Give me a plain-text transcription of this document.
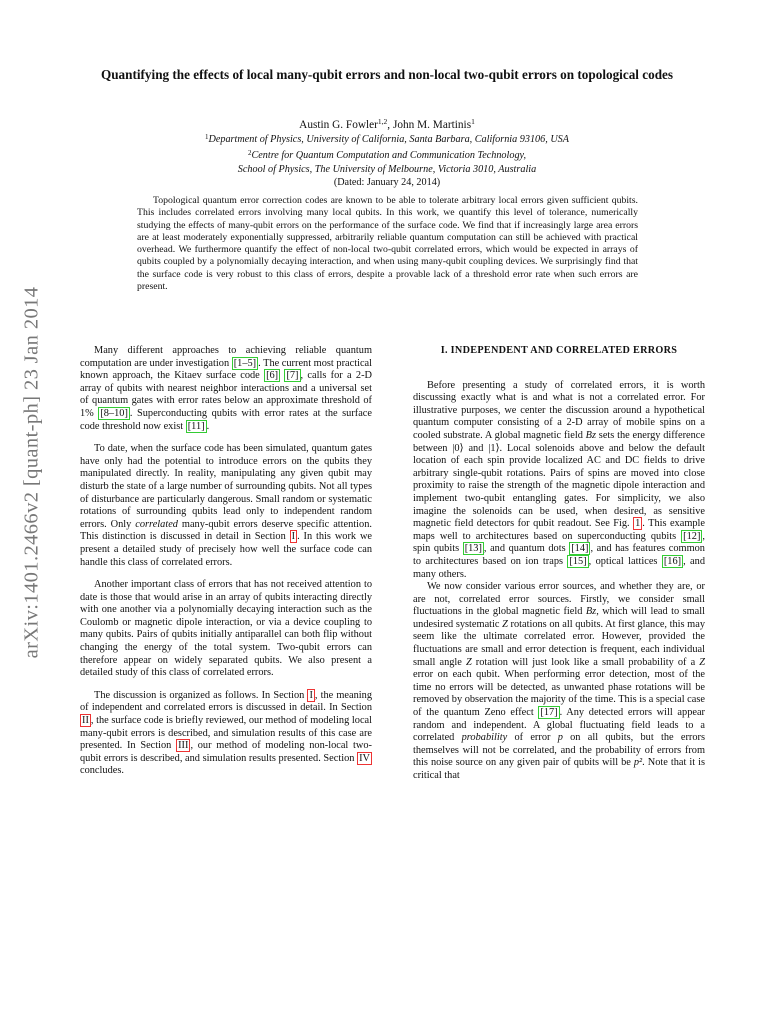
arXiv:1401.2466v2 [quant-ph] 23 Jan 2014
Quantifying the effects of local many-qubit errors and non-local two-qubit errors on topological codes
Austin G. Fowler$^{1,2}$, John M. Martinis$^1$
$^1$Department of Physics, University of California, Santa Barbara, California 93106, USA
$^2$Centre for Quantum Computation and Communication Technology,
School of Physics, The University of Melbourne, Victoria 3010, Australia
(Dated: January 24, 2014)
Topological quantum error correction codes are known to be able to tolerate arbitrary local errors given sufficient qubits. This includes correlated errors involving many local qubits. In this work, we quantify this level of tolerance, numerically studying the effects of many-qubit errors on the performance of the surface code. We find that if increasingly large area errors are at least moderately exponentially suppressed, arbitrarily reliable quantum computation can still be achieved with practical overhead. We furthermore quantify the effect of non-local two-qubit correlated errors, which would be expected in arrays of qubits coupled by a polynomially decaying interaction, and when using many-qubit coupling devices. We surprisingly find that the surface code is very robust to this class of errors, despite a provable lack of a threshold error rate when such errors are present.

Many different approaches to achieving reliable quantum computation are under investigation [1–5] . The current most practical known approach, the Kitaev surface code [6] [7] , calls for a 2-D array of qubits with nearest neighbor interactions and a universal set of quantum gates with error rates below an approximate threshold of 1% [8–10] . Superconducting qubits with error rates at the surface code threshold now exist [11] .

To date, when the surface code has been simulated, quantum gates have only had the potential to introduce errors on the qubits they manipulated directly. In reality, manipulating any given qubit may disturb the state of a large number of surrounding qubits. Not all types of disturbance are particularly dangerous. Small random or systematic rotations of surrounding qubits lead only to independent random errors. Only correlated many-qubit errors deserve specific attention. This distinction is discussed in detail in Section I . In this work we present a detailed study of precisely how well the surface code can handle this class of correlated errors.

Another important class of errors that has not received attention to date is those that would arise in an array of qubits interacting directly with one another via a polynomially decaying interaction such as the Coulomb or magnetic dipole interaction, or via a device coupling to many qubits. Pairs of qubits initially antiparallel can both flip without changing the energy of the total system. Two-qubit errors can therefore appear on widely separated qubits. We also present a detailed study of this class of correlated errors.

The discussion is organized as follows. In Section I , the meaning of independent and correlated errors is discussed in detail. In Section II , the surface code is briefly reviewed, our method of modeling local many-qubit errors is described, and simulation results of this case are presented. In Section III , our method of modeling non-local two-qubit errors is described, and simulation results presented. Section IV concludes.

I. INDEPENDENT AND CORRELATED ERRORS

Before presenting a study of correlated errors, it is worth discussing exactly what is and what is not a correlated error. For illustrative purposes, we center the discussion around a hypothetical quantum computer consisting of a 2-D array of mobile spins on a cooled substrate. A global magnetic field Bz sets the energy difference between |0⟩ and |1⟩. Local solenoids above and below the default location of each spin provide localized AC and DC fields to drive arbitrary single-qubit rotations. Pairs of spins are moved into close proximity to raise the strength of the magnetic dipole interaction and implement two-qubit entangling gates. For simplicity, we also imagine the solenoids can be used, when desired, as sensitive magnetic field detectors for qubit readout. See Fig. 1 . This example maps well to architectures based on superconducting qubits [12] , spin qubits [13] , and quantum dots [14] , and has features common to architectures based on ion traps [15] , optical lattices [16] , and many others.

We now consider various error sources, and whether they are, or are not, correlated error sources. Firstly, we consider small fluctuations in the global magnetic field Bz, which will lead to small undesired systematic Z rotations on all qubits. At first glance, this may seem like the ultimate correlated error. However, provided the fluctuations are small and error detection is frequent, each individual small angle Z rotation will just look like a small probability of a Z error on each qubit. When performing error detection, most of the time no errors will be detected, as unwanted phase rotations will be removed by observation the majority of the time. This is a special case of the quantum Zeno effect [17] . Any detected errors will appear random and independent. A global fluctuating field leads to a correlated probability of error p on all qubits, but the errors themselves will not be correlated, and the probability of errors from this noise source on any given pair of qubits will be p². Note that it is critical that
